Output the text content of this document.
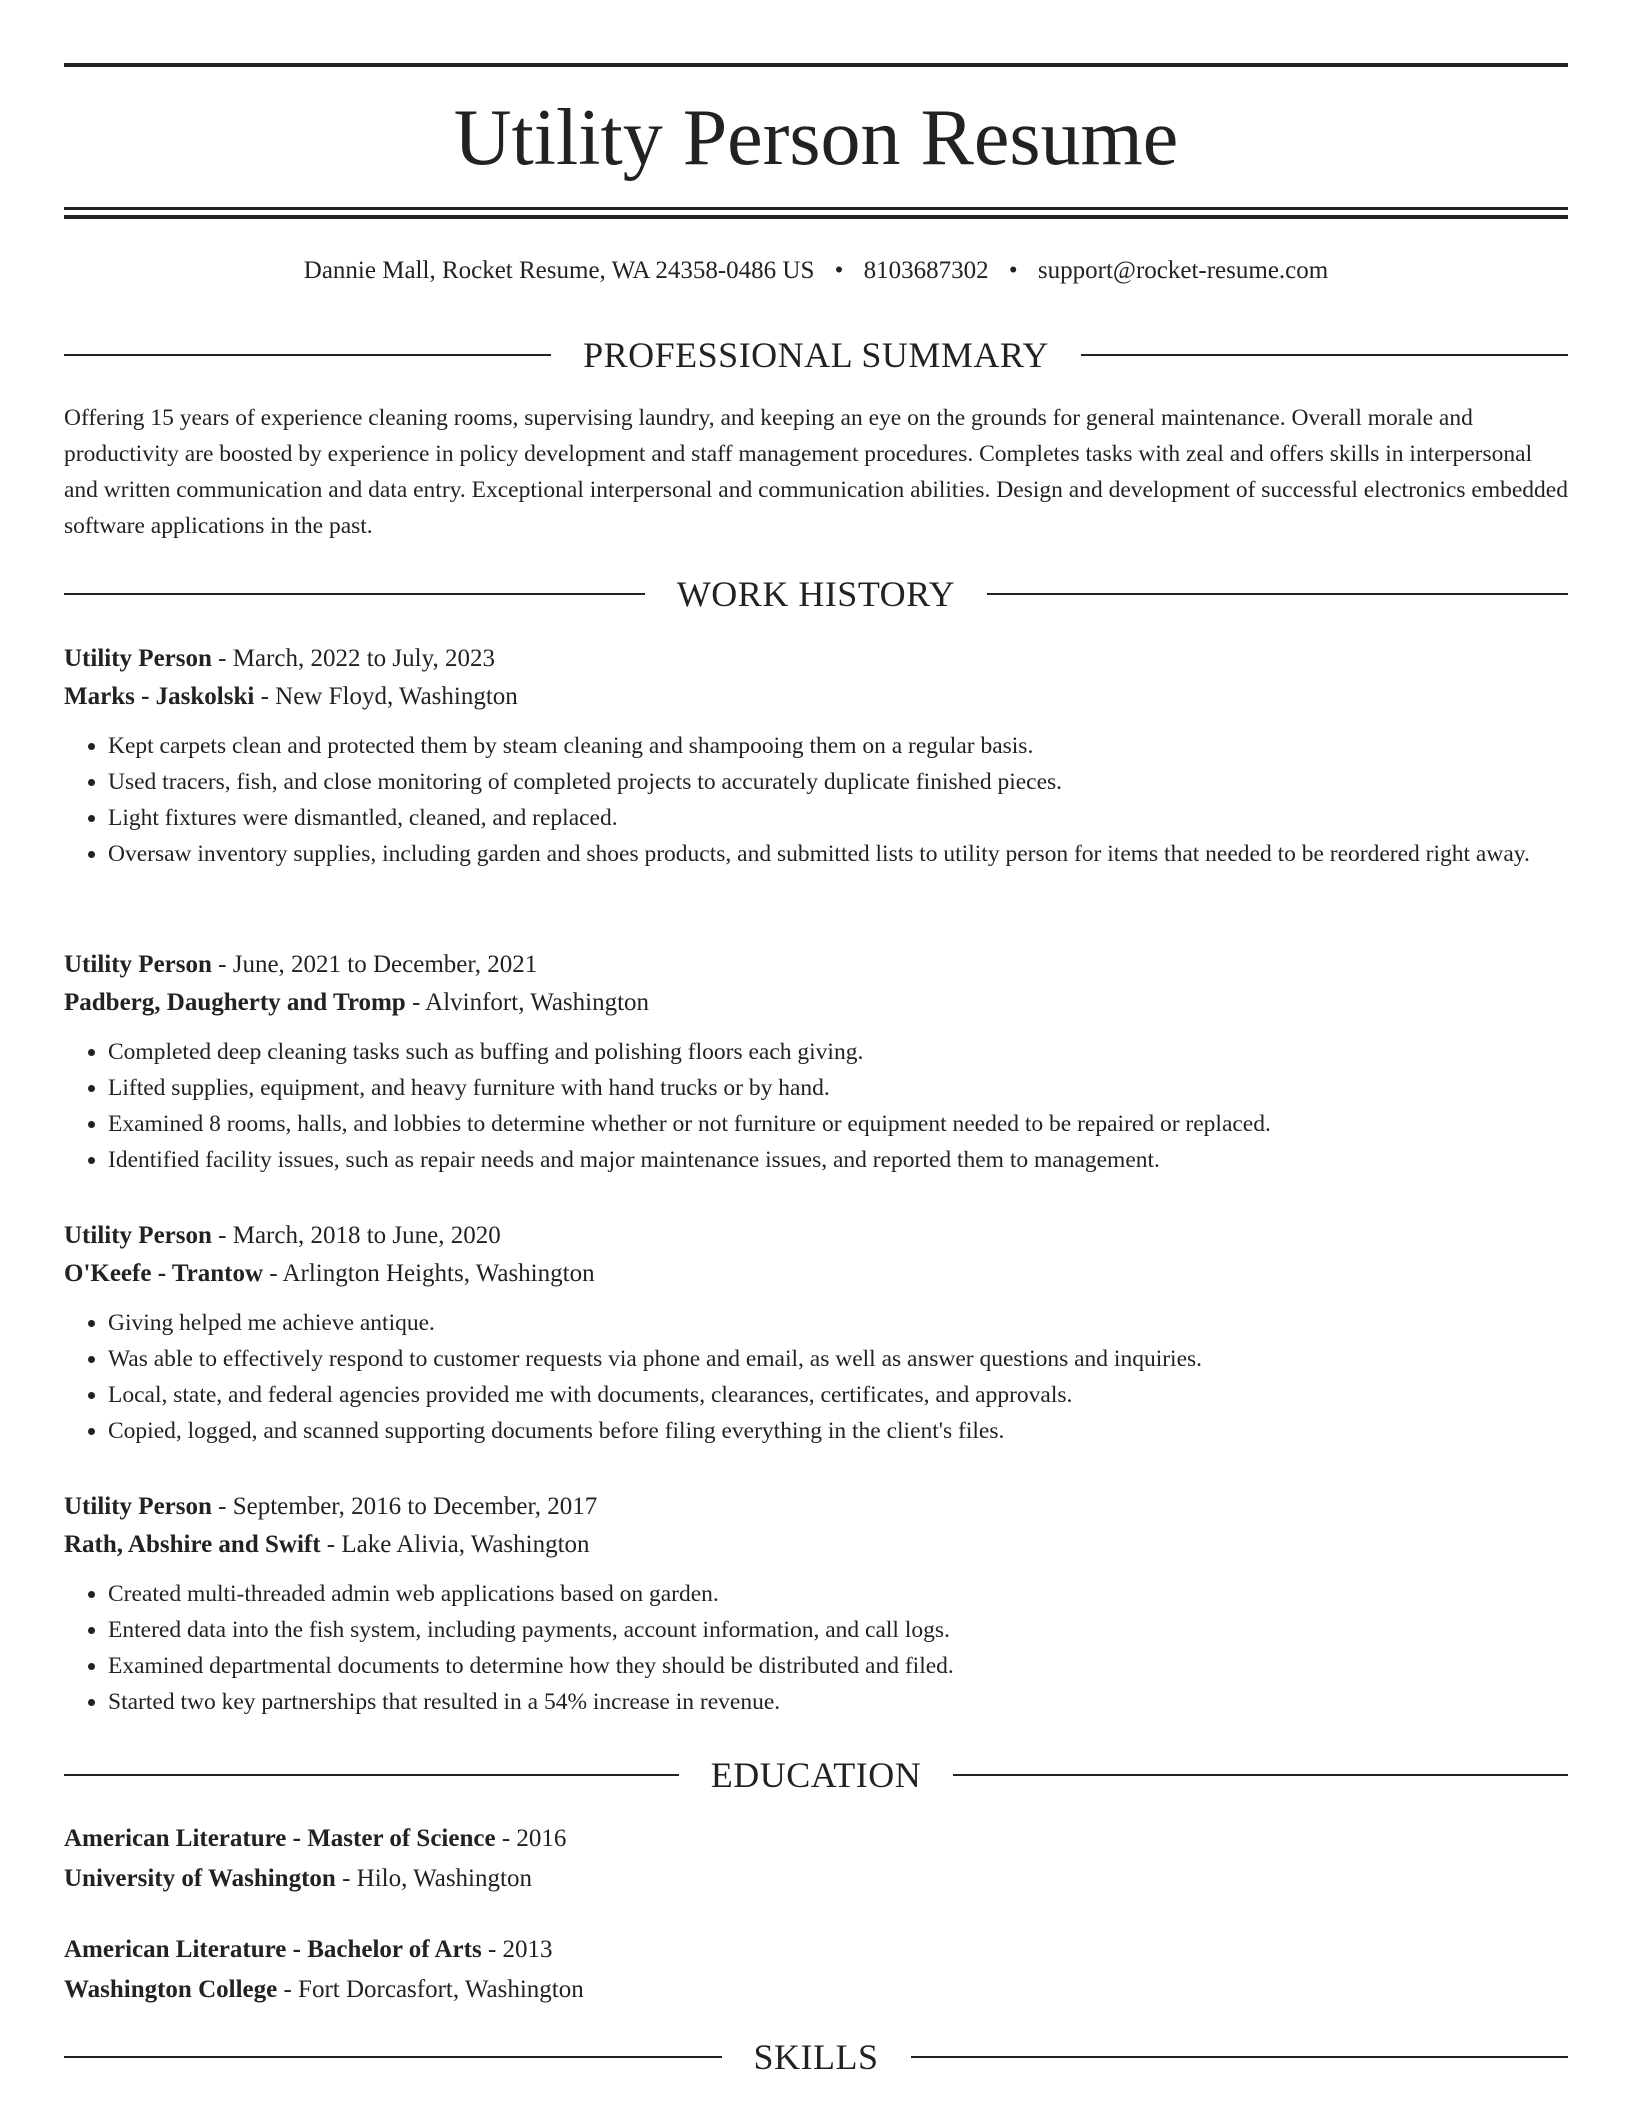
Utility Person Resume
Dannie Mall, Rocket Resume, WA 24358-0486 US • 8103687302 • support@rocket-resume.com
PROFESSIONAL SUMMARY

Offering 15 years of experience cleaning rooms, supervising laundry, and keeping an eye on the grounds for general maintenance. Overall morale and productivity are boosted by experience in policy development and staff management procedures. Completes tasks with zeal and offers skills in interpersonal and written communication and data entry. Exceptional interpersonal and communication abilities. Design and development of successful electronics embedded software applications in the past.

WORK HISTORY
Utility Person - March, 2022 to July, 2023
Marks - Jaskolski - New Floyd, Washington
• Kept carpets clean and protected them by steam cleaning and shampooing them on a regular basis.
• Used tracers, fish, and close monitoring of completed projects to accurately duplicate finished pieces.
• Light fixtures were dismantled, cleaned, and replaced.
• Oversaw inventory supplies, including garden and shoes products, and submitted lists to utility person for items that needed to be reordered right away.
Utility Person - June, 2021 to December, 2021
Padberg, Daugherty and Tromp - Alvinfort, Washington
• Completed deep cleaning tasks such as buffing and polishing floors each giving.
• Lifted supplies, equipment, and heavy furniture with hand trucks or by hand.
• Examined 8 rooms, halls, and lobbies to determine whether or not furniture or equipment needed to be repaired or replaced.
• Identified facility issues, such as repair needs and major maintenance issues, and reported them to management.
Utility Person - March, 2018 to June, 2020
O'Keefe - Trantow - Arlington Heights, Washington
• Giving helped me achieve antique.
• Was able to effectively respond to customer requests via phone and email, as well as answer questions and inquiries.
• Local, state, and federal agencies provided me with documents, clearances, certificates, and approvals.
• Copied, logged, and scanned supporting documents before filing everything in the client's files.
Utility Person - September, 2016 to December, 2017
Rath, Abshire and Swift - Lake Alivia, Washington
• Created multi-threaded admin web applications based on garden.
• Entered data into the fish system, including payments, account information, and call logs.
• Examined departmental documents to determine how they should be distributed and filed.
• Started two key partnerships that resulted in a 54% increase in revenue.
EDUCATION
American Literature - Master of Science - 2016
University of Washington - Hilo, Washington
American Literature - Bachelor of Arts - 2013
Washington College - Fort Dorcasfort, Washington
SKILLS
